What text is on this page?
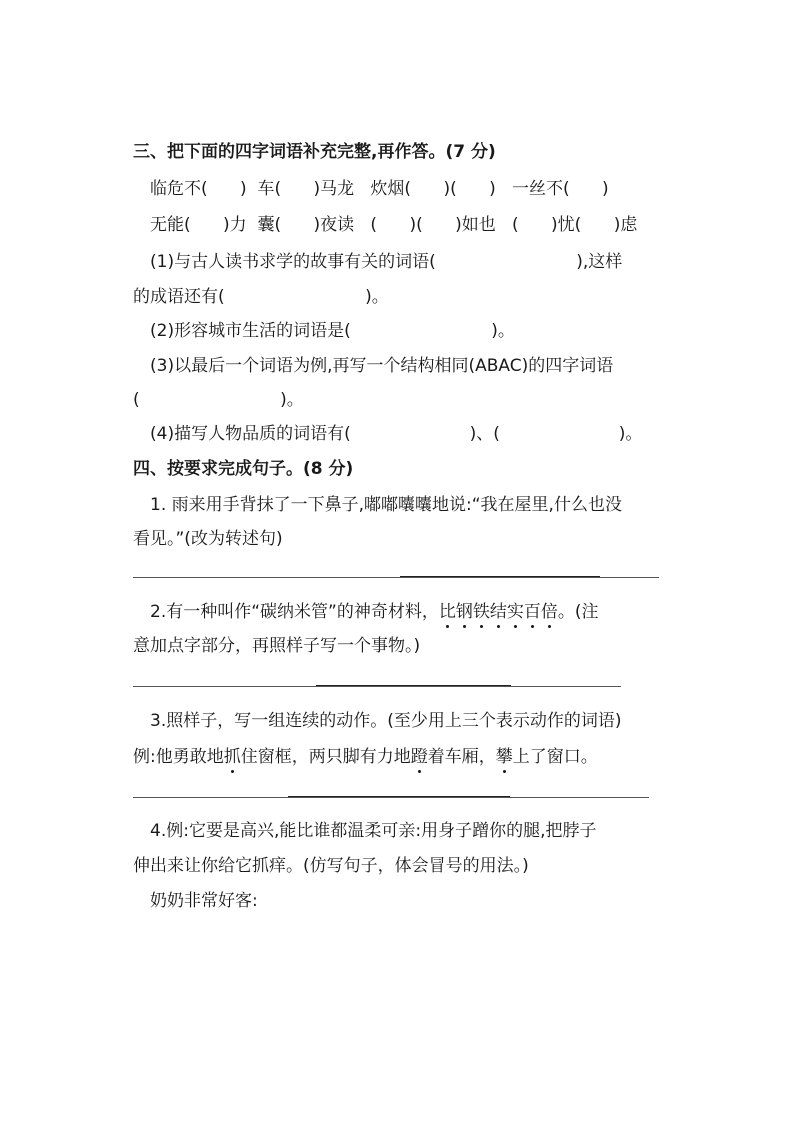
三、把下面的四字词语补充完整,再作答。(7 分)
临危不(      )  车(      )马龙   炊烟(      )(      )   一丝不(      )
无能(      )力  囊(      )夜读   (      )(      )如也   (      )忧(      )虑
(1)与古人读书求学的故事有关的词语(                          ),这样
的成语还有(                          )。
(2)形容城市生活的词语是(                          )。
(3)以最后一个词语为例,再写一个结构相同(ABAC)的四字词语
(                          )。
(4)描写人物品质的词语有(                      )、(                      )。
四、按要求完成句子。(8 分)
1. 雨来用手背抹了一下鼻子,嘟嘟囔囔地说:“我在屋里,什么也没
看见。”(改为转述句)
2.有一种叫作“碳纳米管”的神奇材料，比钢铁结实百倍。(注
意加点字部分，再照样子写一个事物。)
3.照样子，写一组连续的动作。(至少用上三个表示动作的词语)
例:他勇敢地抓住窗框，两只脚有力地蹬着车厢，攀上了窗口。
4.例:它要是高兴,能比谁都温柔可亲:用身子蹭你的腿,把脖子
伸出来让你给它抓痒。(仿写句子，体会冒号的用法。)
奶奶非常好客:
